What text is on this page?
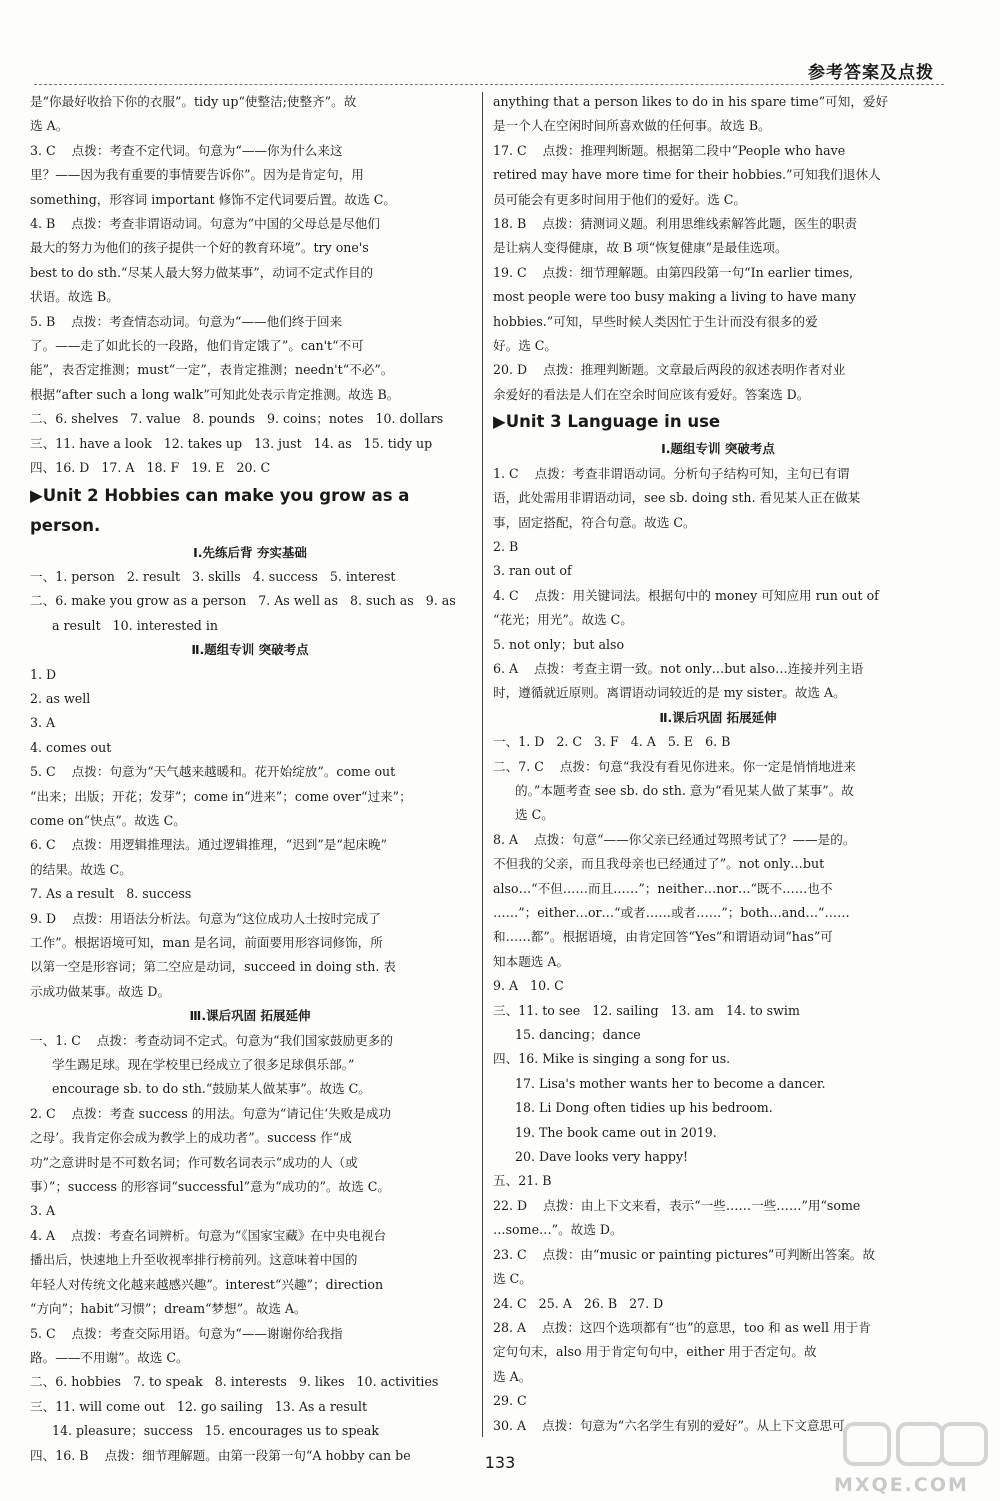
参考答案及点拨

是“你最好收拾下你的衣服”。tidy up“使整洁;使整齐”。故

选 A。

3. C    点拨：考查不定代词。句意为“——你为什么来这

里？——因为我有重要的事情要告诉你”。因为是肯定句，用

something，形容词 important 修饰不定代词要后置。故选 C。

4. B    点拨：考查非谓语动词。句意为“中国的父母总是尽他们

最大的努力为他们的孩子提供一个好的教育环境”。try one's

best to do sth.“尽某人最大努力做某事”，动词不定式作目的

状语。故选 B。

5. B    点拨：考查情态动词。句意为“——他们终于回来

了。——走了如此长的一段路，他们肯定饿了”。can't“不可

能”，表否定推测；must“一定”，表肯定推测；needn't“不必”。

根据“after such a long walk”可知此处表示肯定推测。故选 B。

二、6. shelves   7. value   8. pounds   9. coins；notes   10. dollars

三、11. have a look   12. takes up   13. just   14. as   15. tidy up

四、16. D   17. A   18. F   19. E   20. C

▶Unit 2 Hobbies can make you grow as a person.
Ⅰ.先练后背 夯实基础

一、1. person   2. result   3. skills   4. success   5. interest

二、6. make you grow as a person   7. As well as   8. such as   9. as

a result   10. interested in

Ⅱ.题组专训 突破考点

1. D

2. as well

3. A

4. comes out

5. C    点拨：句意为“天气越来越暖和。花开始绽放”。come out

“出来；出版；开花；发芽”；come in“进来”；come over“过来”；

come on“快点”。故选 C。

6. C    点拨：用逻辑推理法。通过逻辑推理，“迟到”是“起床晚”

的结果。故选 C。

7. As a result   8. success

9. D    点拨：用语法分析法。句意为“这位成功人士按时完成了

工作”。根据语境可知，man 是名词，前面要用形容词修饰，所

以第一空是形容词；第二空应是动词，succeed in doing sth. 表

示成功做某事。故选 D。

Ⅲ.课后巩固 拓展延伸

一、1. C    点拨：考查动词不定式。句意为“我们国家鼓励更多的

学生踢足球。现在学校里已经成立了很多足球俱乐部。”

encourage sb. to do sth.“鼓励某人做某事”。故选 C。

2. C    点拨：考查 success 的用法。句意为“请记住‘失败是成功

之母’。我肯定你会成为教学上的成功者”。success 作“成

功”之意讲时是不可数名词；作可数名词表示“成功的人（或

事）”；success 的形容词“successful”意为“成功的”。故选 C。

3. A

4. A    点拨：考查名词辨析。句意为“《国家宝藏》在中央电视台

播出后，快速地上升至收视率排行榜前列。这意味着中国的

年轻人对传统文化越来越感兴趣”。interest“兴趣”；direction

“方向”；habit“习惯”；dream“梦想”。故选 A。

5. C    点拨：考查交际用语。句意为“——谢谢你给我指

路。——不用谢”。故选 C。

二、6. hobbies   7. to speak   8. interests   9. likes   10. activities

三、11. will come out   12. go sailing   13. As a result

14. pleasure；success   15. encourages us to speak

四、16. B    点拨：细节理解题。由第一段第一句“A hobby can be

anything that a person likes to do in his spare time”可知，爱好

是一个人在空闲时间所喜欢做的任何事。故选 B。

17. C    点拨：推理判断题。根据第二段中“People who have

retired may have more time for their hobbies.”可知我们退休人

员可能会有更多时间用于他们的爱好。选 C。

18. B    点拨：猜测词义题。利用思维线索解答此题，医生的职责

是让病人变得健康，故 B 项“恢复健康”是最佳选项。

19. C    点拨：细节理解题。由第四段第一句“In earlier times,

most people were too busy making a living to have many

hobbies.”可知，早些时候人类因忙于生计而没有很多的爱

好。选 C。

20. D    点拨：推理判断题。文章最后两段的叙述表明作者对业

余爱好的看法是人们在空余时间应该有爱好。答案选 D。

▶Unit 3 Language in use
Ⅰ.题组专训 突破考点

1. C    点拨：考查非谓语动词。分析句子结构可知，主句已有谓

语，此处需用非谓语动词，see sb. doing sth. 看见某人正在做某

事，固定搭配，符合句意。故选 C。

2. B

3. ran out of

4. C    点拨：用关键词法。根据句中的 money 可知应用 run out of

“花光；用光”。故选 C。

5. not only；but also

6. A    点拨：考查主谓一致。not only…but also…连接并列主语

时，遵循就近原则。离谓语动词较近的是 my sister。故选 A。

Ⅱ.课后巩固 拓展延伸

一、1. D   2. C   3. F   4. A   5. E   6. B

二、7. C    点拨：句意“我没有看见你进来。你一定是悄悄地进来

的。”本题考查 see sb. do sth. 意为“看见某人做了某事”。故

选 C。

8. A    点拨：句意“——你父亲已经通过驾照考试了？——是的。

不但我的父亲，而且我母亲也已经通过了”。not only…but

also…“不但……而且……”；neither…nor…“既不……也不

……”；either…or…“或者……或者……”；both…and…“……

和……都”。根据语境，由肯定回答“Yes”和谓语动词“has”可

知本题选 A。

9. A   10. C

三、11. to see   12. sailing   13. am   14. to swim

15. dancing；dance

四、16. Mike is singing a song for us.

17. Lisa's mother wants her to become a dancer.

18. Li Dong often tidies up his bedroom.

19. The book came out in 2019.

20. Dave looks very happy!

五、21. B

22. D    点拨：由上下文来看，表示“一些……一些……”用“some

…some…”。故选 D。

23. C    点拨：由“music or painting pictures”可判断出答案。故

选 C。

24. C   25. A   26. B   27. D

28. A    点拨：这四个选项都有“也”的意思，too 和 as well 用于肯

定句句末，also 用于肯定句句中，either 用于否定句。故

选 A。

29. C

30. A    点拨：句意为“六名学生有别的爱好”。从上下文意思可

133
MXQE.COM
